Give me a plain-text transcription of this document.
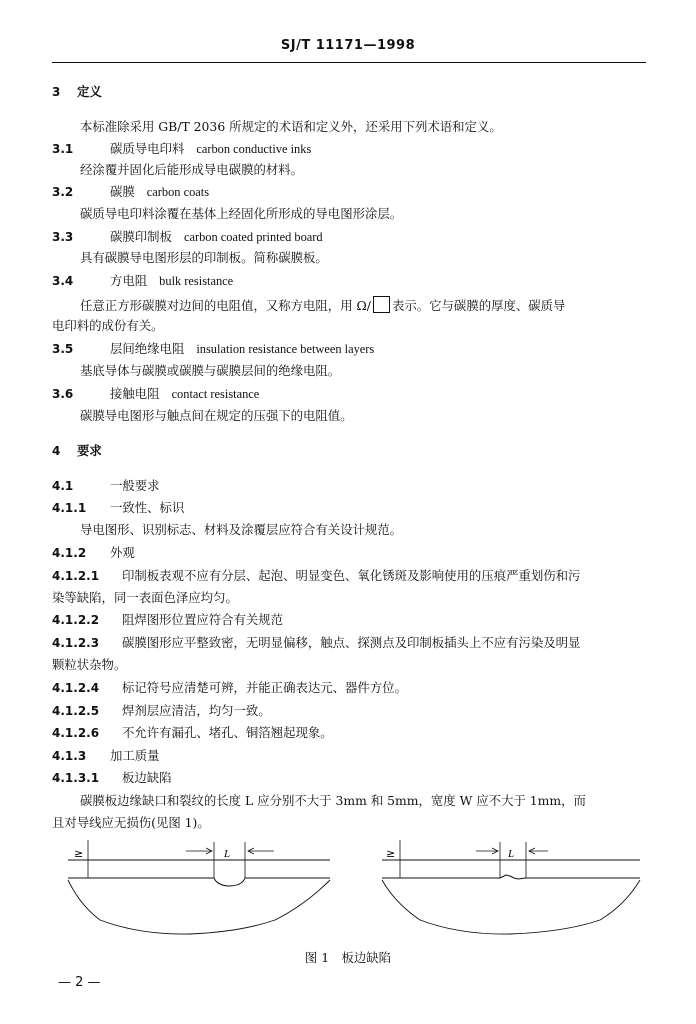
SJ/T 11171—1998
3 定义
本标准除采用 GB/T 2036 所规定的术语和定义外，还采用下列术语和定义。
3.1	碳质导电印料 carbon conductive inks
经涂覆并固化后能形成导电碳膜的材料。
3.2	碳膜 carbon coats
碳质导电印料涂覆在基体上经固化所形成的导电图形涂层。
3.3	碳膜印制板 carbon coated printed board
具有碳膜导电图形层的印制板。简称碳膜板。
3.4	方电阻 bulk resistance
任意正方形碳膜对边间的电阻值，又称方电阻，用 Ω/ 表示。它与碳膜的厚度、碳质导
电印料的成份有关。
3.5	层间绝缘电阻 insulation resistance between layers
基底导体与碳膜或碳膜与碳膜层间的绝缘电阻。
3.6	接触电阻 contact resistance
碳膜导电图形与触点间在规定的压强下的电阻值。
4 要求
4.1	一般要求
4.1.1 一致性、标识
导电图形、识别标志、材料及涂覆层应符合有关设计规范。
4.1.2 外观
4.1.2.1 印制板表观不应有分层、起泡、明显变色、氧化锈斑及影响使用的压痕严重划伤和污
染等缺陷，同一表面色泽应均匀。
4.1.2.2 阻焊图形位置应符合有关规范
4.1.2.3 碳膜图形应平整致密，无明显偏移，触点、探测点及印制板插头上不应有污染及明显
颗粒状杂物。
4.1.2.4 标记符号应清楚可辨，并能正确表达元、器件方位。
4.1.2.5 焊剂层应清洁，均匀一致。
4.1.2.6 不允许有漏孔、堵孔、铜箔翘起现象。
4.1.3 加工质量
4.1.3.1 板边缺陷
碳膜板边缘缺口和裂纹的长度 L 应分别不大于 3mm 和 5mm，宽度 W 应不大于 1mm，而
且对导线应无损伤(见图 1)。
≥	L	≥	L
图 1　板边缺陷
— 2 —
